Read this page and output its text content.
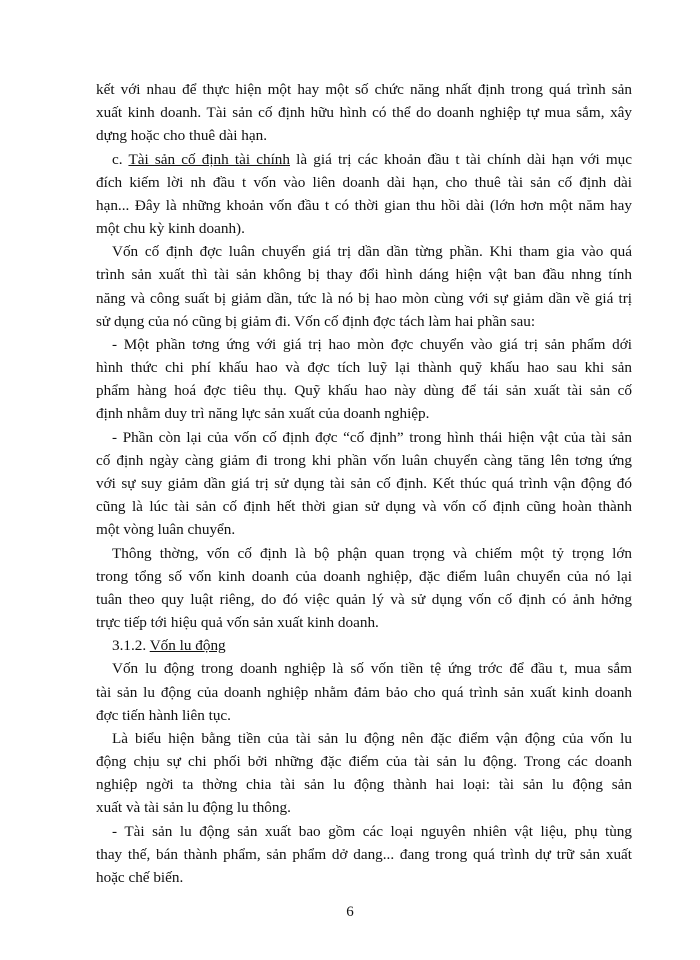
kết với nhau để thực hiện một hay một số chức năng nhất định trong quá trình sản
xuất kinh doanh. Tài sản cố định hữu hình có thể do doanh nghiệp tự mua sắm, xây
dựng hoặc cho thuê dài hạn.
c. Tài sản cố định tài chính là giá trị các khoản đầu t tài chính dài hạn với mục
đích kiếm lời nh đầu t vốn vào liên doanh dài hạn, cho thuê tài sản cố định dài
hạn... Đây là những khoản vốn đầu t có thời gian thu hồi dài (lớn hơn một năm hay
một chu kỳ kinh doanh).
Vốn cố định đợc luân chuyển giá trị dần dần từng phần. Khi tham gia vào quá
trình sản xuất thì tài sản không bị thay đổi hình dáng hiện vật ban đầu nhng tính
năng và công suất bị giảm dần, tức là nó bị hao mòn cùng với sự giảm dần về giá trị
sử dụng của nó cũng bị giảm đi. Vốn cố định đợc tách làm hai phần sau:
- Một phần tơng ứng với giá trị hao mòn đợc chuyển vào giá trị sản phẩm dới
hình thức chi phí khấu hao và đợc tích luỹ lại thành quỹ khấu hao sau khi sản
phẩm hàng hoá đợc tiêu thụ. Quỹ khấu hao này dùng để tái sản xuất tài sản cố
định nhằm duy trì năng lực sản xuất của doanh nghiệp.
- Phần còn lại của vốn cố định đợc “cố định” trong hình thái hiện vật của tài sản
cố định ngày càng giảm đi trong khi phần vốn luân chuyển càng tăng lên tơng ứng
với sự suy giảm dần giá trị sử dụng tài sản cố định. Kết thúc quá trình vận động đó
cũng là lúc tài sản cố định hết thời gian sử dụng và vốn cố định cũng hoàn thành
một vòng luân chuyển.
Thông thờng, vốn cố định là bộ phận quan trọng và chiếm một tỷ trọng lớn
trong tổng số vốn kinh doanh của doanh nghiệp, đặc điểm luân chuyển của nó lại
tuân theo quy luật riêng, do đó việc quản lý và sử dụng vốn cố định có ảnh hởng
trực tiếp tới hiệu quả vốn sản xuất kinh doanh.
3.1.2. Vốn lu động
Vốn lu động trong doanh nghiệp là số vốn tiền tệ ứng trớc để đầu t, mua sắm
tài sản lu động của doanh nghiệp nhằm đảm bảo cho quá trình sản xuất kinh doanh
đợc tiến hành liên tục.
Là biểu hiện bằng tiền của tài sản lu động nên đặc điểm vận động của vốn lu
động chịu sự chi phối bởi những đặc điểm của tài sản lu động. Trong các doanh
nghiệp ngời ta thờng chia tài sản lu động thành hai loại: tài sản lu động sản
xuất và tài sản lu động lu thông.
- Tài sản lu động sản xuất bao gồm các loại nguyên nhiên vật liệu, phụ tùng
thay thế, bán thành phẩm, sản phẩm dở dang... đang trong quá trình dự trữ sản xuất
hoặc chế biến.
6
